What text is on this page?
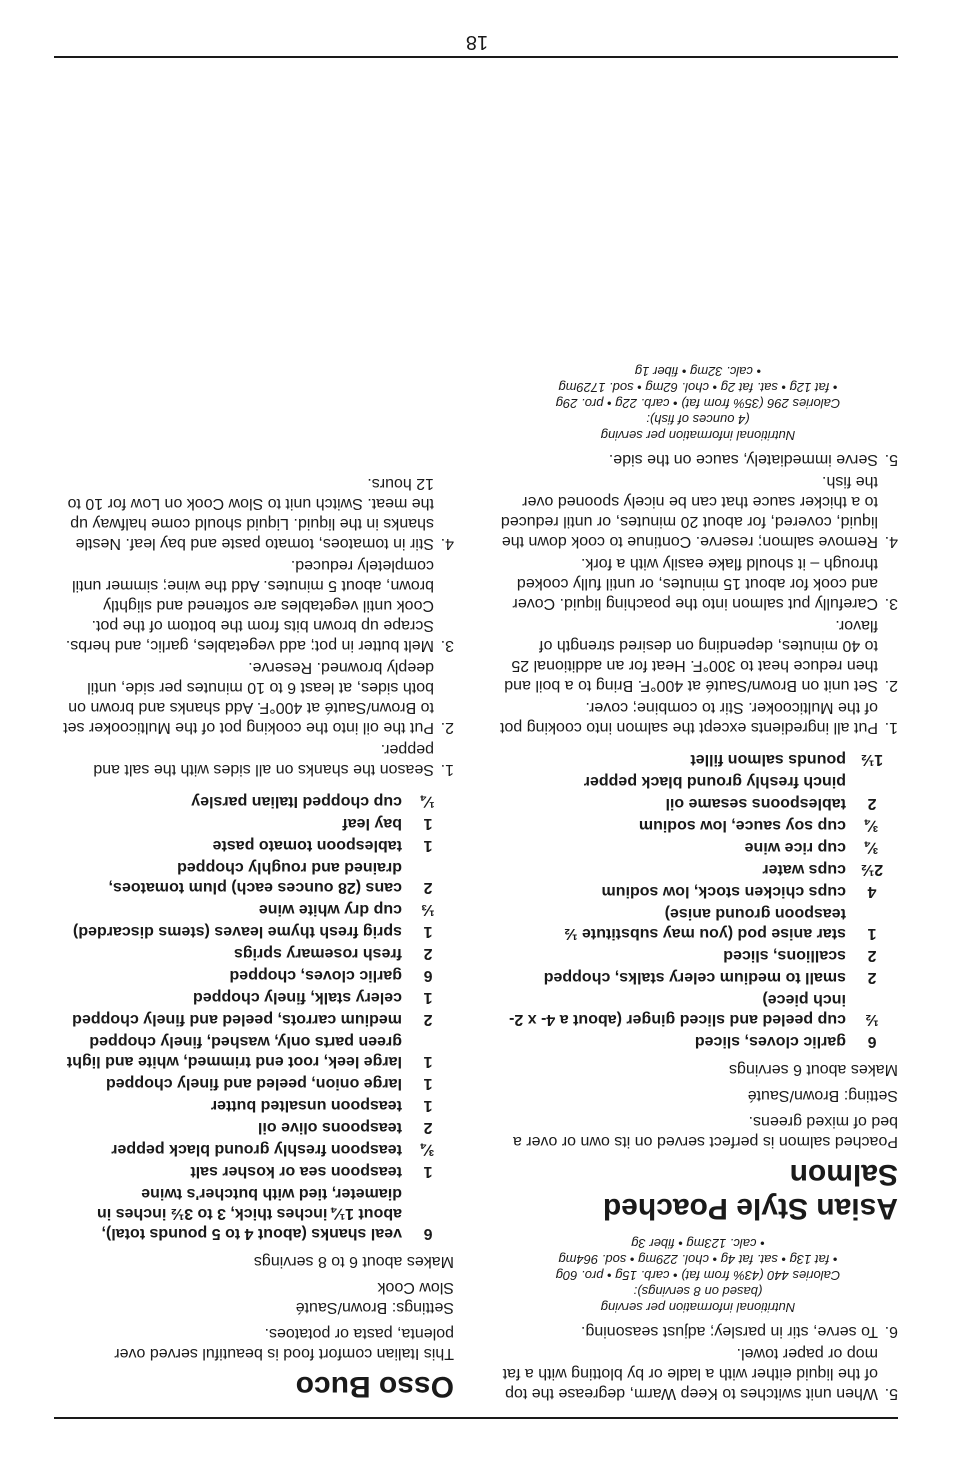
5.
When unit switches to Keep Warm, degrease the top of the liquid either with a ladle or by blotting with a fat mop or paper towel.
6.
To serve, stir in parsley; adjust seasoning.
Nutritional information per serving
(based on 8 servings):
Calories 440 (43% from fat) • carb. 15g • pro. 60g
• fat 13g • sat. fat 4g • chol. 229mg • sod. 964mg
• calc. 123mg • fiber 3g
Asian Style Poached Salmon

Poached salmon is perfect served on its own or over a bed of mixed greens.

Setting: Brown/Sauté

Makes about 6 servings

6
garlic cloves, sliced
½
cup peeled and sliced ginger (about a 4- x 2-inch piece)
2
small to medium celery stalks, chopped
2
scallions, sliced
1
star anise pod (you may substitute ½ teaspoon ground anise)
4
cups chicken stock, low sodium
2½
cups water
¾
cup rice wine
¾
cup soy sauce, low sodium
2
tablespoons sesame oil
pinch freshly ground black pepper
1½
pounds salmon fillet
1.
Put all ingredients except the salmon into cooking pot of the Multicooker. Stir to combine; cover.
2.
Set unit on Brown/Sauté at 400°F. Bring to a boil and then reduce heat to 300°F. Heat for an additional 25 to 40 minutes, depending on desired strength of flavor.
3.
Carefully put salmon into the poaching liquid. Cover and cook for about 15 minutes, or until fully cooked through – it should flake easily with a fork.
4.
Remove salmon; reserve. Continue to cook down the liquid, covered, for about 20 minutes, or until reduced to a thicker sauce that can be nicely spooned over the fish.
5.
Serve immediately, sauce on the side.
Nutritional information per serving
(4 ounces of fish):
Calories 296 (35% from fat) • carb. 22g • pro. 29g
• fat 12g • sat. fat 2g • chol. 62mg • sod. 1729mg
• calc. 32mg • fiber 1g
Osso Buco

This Italian comfort food is beautiful served over polenta, pasta or potatoes.

Settings: Brown/Sauté
Slow Cook

Makes about 6 to 8 servings

6
veal shanks (about 4 to 5 pounds total), about 1¼ inches thick, 3 to 3½ inches in diameter, tied with butcher's twine
1
teaspoon sea or kosher salt
¾
teaspoon freshly ground black pepper
2
teaspoons olive oil
1
teaspoon unsalted butter
1
large onion, peeled and finely chopped
1
large leek, root end trimmed, white and light green parts only, washed, finely chopped
2
medium carrots, peeled and finely chopped
1
celery stalk, finely chopped
6
garlic cloves, chopped
2
fresh rosemary sprigs
1
sprig fresh thyme leaves (stems discarded)
⅓
cup dry white wine
2
cans (28 ounces each) plum tomatoes, drained and roughly chopped
1
tablespoon tomato paste
1
bay leaf
¼
cup chopped Italian parsley
1.
Season the shanks on all sides with the salt and pepper.
2.
Put the oil into the cooking pot of the Multicooker set to Brown/Sauté at 400°F. Add shanks and brown on both sides, at least 6 to 10 minutes per side, until deeply browned. Reserve.
3.
Melt butter in pot; add vegetables, garlic, and herbs. Scrape up brown bits from the bottom of the pot. Cook until vegetables are softened and slightly brown, about 5 minutes. Add the wine; simmer until completely reduced.
4.
Stir in tomatoes, tomato paste and bay leaf. Nestle shanks in the liquid. Liquid should come halfway up the meat. Switch unit to Slow Cook on Low for 10 to 12 hours.
18
